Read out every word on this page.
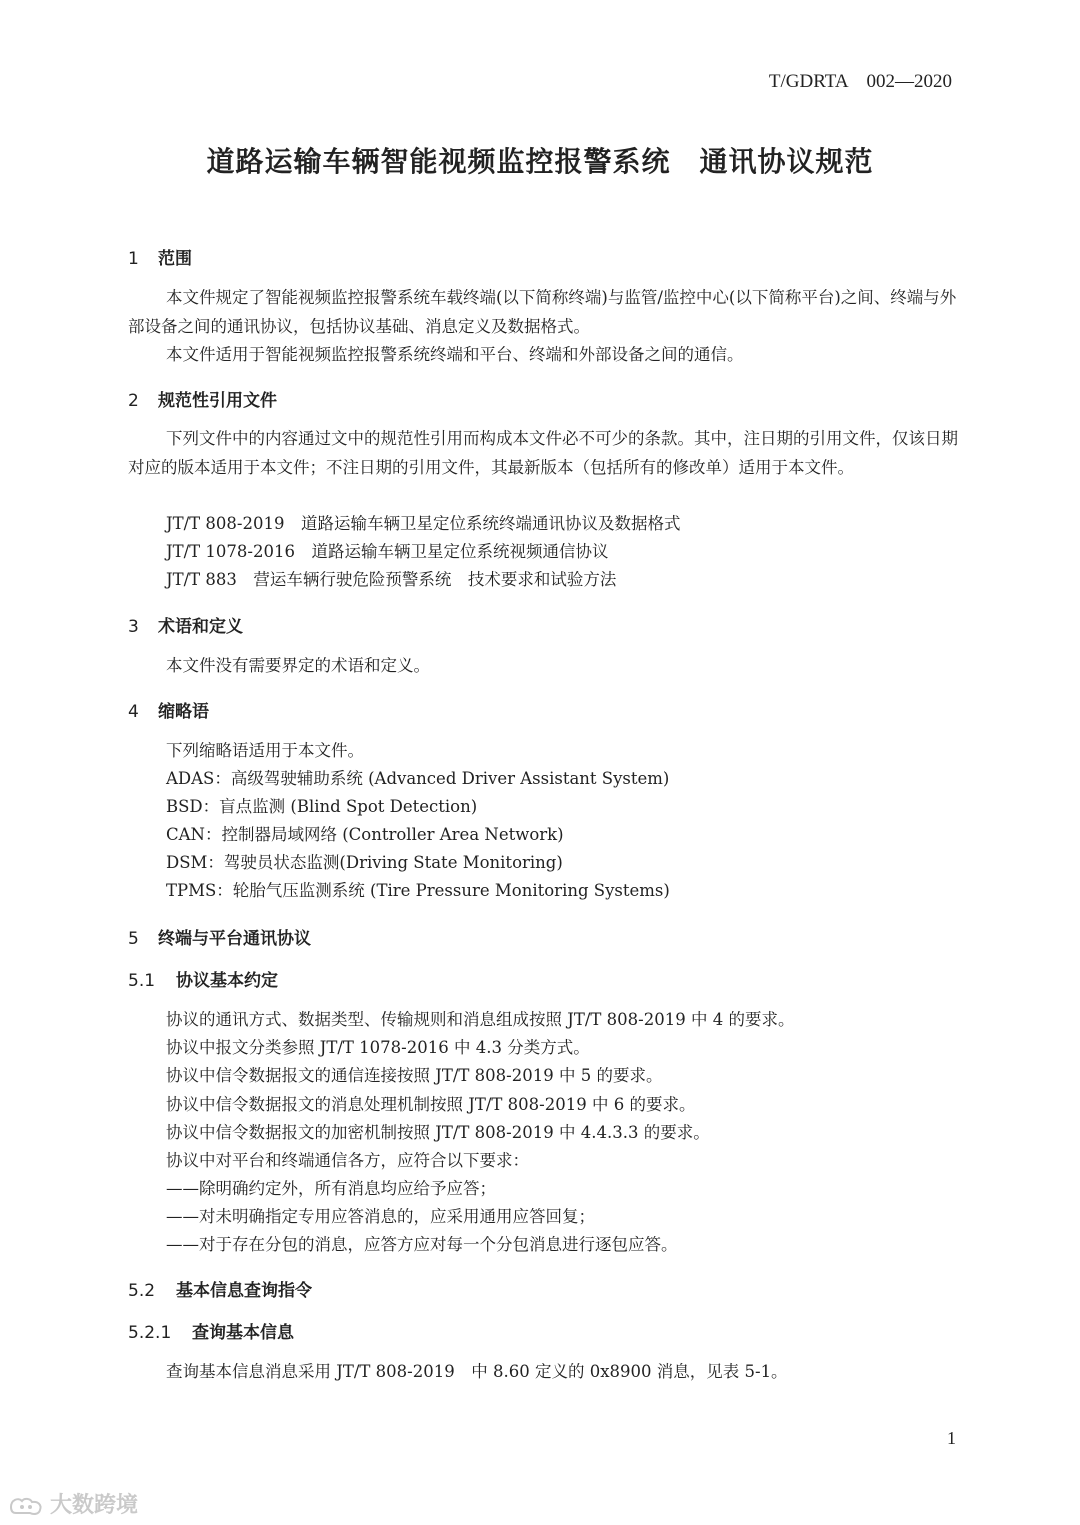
T/GDRTA　002—2020
道路运输车辆智能视频监控报警系统　通讯协议规范
1 范围
本文件规定了智能视频监控报警系统车载终端(以下简称终端)与监管/监控中心(以下简称平台)之间、终端与外部设备之间的通讯协议，包括协议基础、消息定义及数据格式。
本文件适用于智能视频监控报警系统终端和平台、终端和外部设备之间的通信。
2 规范性引用文件
下列文件中的内容通过文中的规范性引用而构成本文件必不可少的条款。其中，注日期的引用文件，仅该日期对应的版本适用于本文件；不注日期的引用文件，其最新版本（包括所有的修改单）适用于本文件。
JT/T 808-2019　道路运输车辆卫星定位系统终端通讯协议及数据格式
JT/T 1078-2016　道路运输车辆卫星定位系统视频通信协议
JT/T 883　营运车辆行驶危险预警系统　技术要求和试验方法
3 术语和定义
本文件没有需要界定的术语和定义。
4 缩略语
下列缩略语适用于本文件。
ADAS：高级驾驶辅助系统 (Advanced Driver Assistant System)
BSD：盲点监测 (Blind Spot Detection)
CAN：控制器局域网络 (Controller Area Network)
DSM：驾驶员状态监测(Driving State Monitoring)
TPMS：轮胎气压监测系统 (Tire Pressure Monitoring Systems)
5 终端与平台通讯协议
5.1 协议基本约定
协议的通讯方式、数据类型、传输规则和消息组成按照 JT/T 808-2019 中 4 的要求。
协议中报文分类参照 JT/T 1078-2016 中 4.3 分类方式。
协议中信令数据报文的通信连接按照 JT/T 808-2019 中 5 的要求。
协议中信令数据报文的消息处理机制按照 JT/T 808-2019 中 6 的要求。
协议中信令数据报文的加密机制按照 JT/T 808-2019 中 4.4.3.3 的要求。
协议中对平台和终端通信各方，应符合以下要求：
——除明确约定外，所有消息均应给予应答；
——对未明确指定专用应答消息的，应采用通用应答回复；
——对于存在分包的消息，应答方应对每一个分包消息进行逐包应答。
5.2 基本信息查询指令
5.2.1 查询基本信息
查询基本信息消息采用 JT/T 808-2019　中 8.60 定义的 0x8900 消息，见表 5-1。
1
大数跨境
